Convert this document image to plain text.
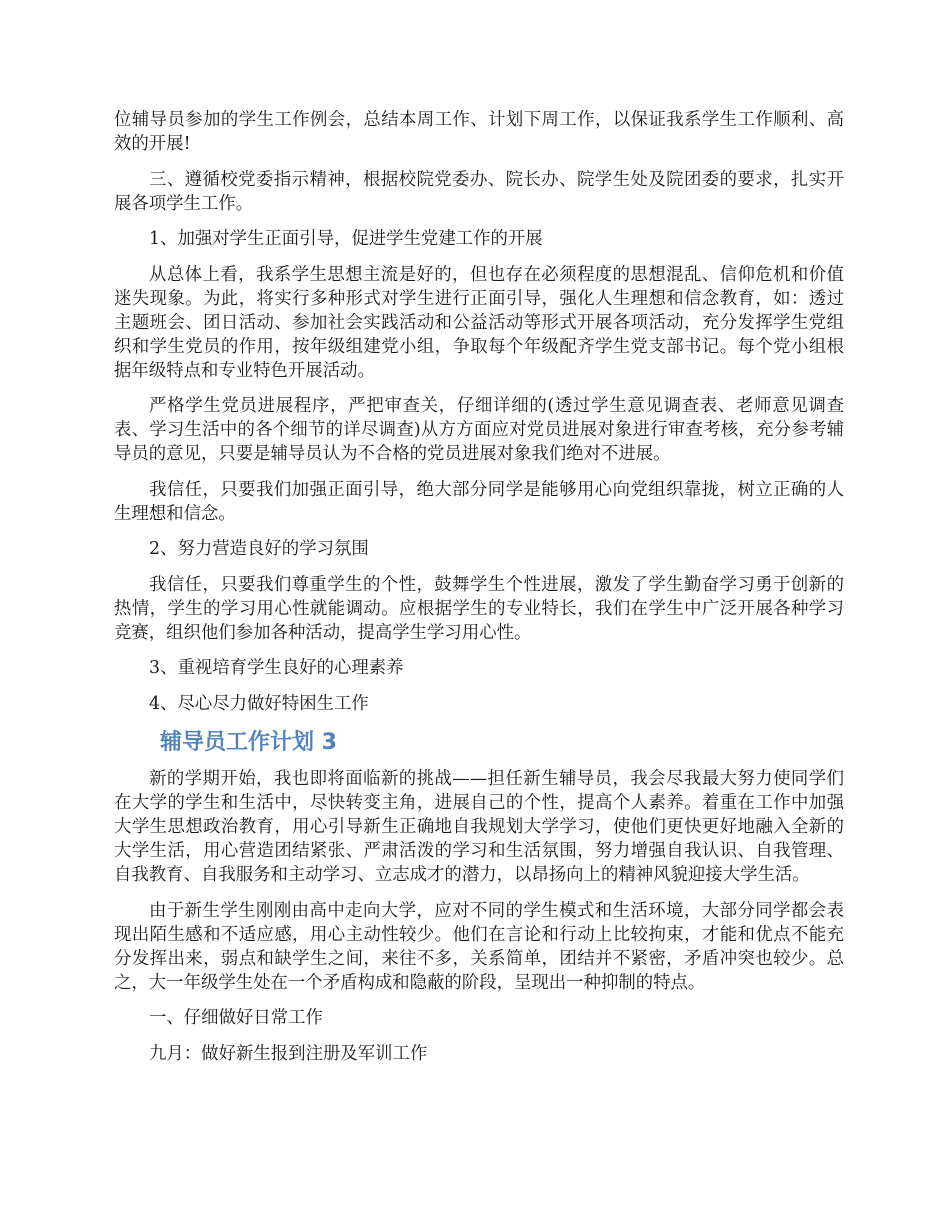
位辅导员参加的学生工作例会，总结本周工作、计划下周工作，以保证我系学生工作顺利、高效的开展!

三、遵循校党委指示精神，根据校院党委办、院长办、院学生处及院团委的要求，扎实开展各项学生工作。

1、加强对学生正面引导，促进学生党建工作的开展

从总体上看，我系学生思想主流是好的，但也存在必须程度的思想混乱、信仰危机和价值迷失现象。为此，将实行多种形式对学生进行正面引导，强化人生理想和信念教育，如：透过主题班会、团日活动、参加社会实践活动和公益活动等形式开展各项活动，充分发挥学生党组织和学生党员的作用，按年级组建党小组，争取每个年级配齐学生党支部书记。每个党小组根据年级特点和专业特色开展活动。

严格学生党员进展程序，严把审查关，仔细详细的(透过学生意见调查表、老师意见调查表、学习生活中的各个细节的详尽调查)从方方面应对党员进展对象进行审查考核，充分参考辅导员的意见，只要是辅导员认为不合格的党员进展对象我们绝对不进展。

我信任，只要我们加强正面引导，绝大部分同学是能够用心向党组织靠拢，树立正确的人生理想和信念。

2、努力营造良好的学习氛围

我信任，只要我们尊重学生的个性，鼓舞学生个性进展，激发了学生勤奋学习勇于创新的热情，学生的学习用心性就能调动。应根据学生的专业特长，我们在学生中广泛开展各种学习竞赛，组织他们参加各种活动，提高学生学习用心性。

3、重视培育学生良好的心理素养

4、尽心尽力做好特困生工作

辅导员工作计划 3

新的学期开始，我也即将面临新的挑战——担任新生辅导员，我会尽我最大努力使同学们在大学的学生和生活中，尽快转变主角，进展自己的个性，提高个人素养。着重在工作中加强大学生思想政治教育，用心引导新生正确地自我规划大学学习，使他们更快更好地融入全新的大学生活，用心营造团结紧张、严肃活泼的学习和生活氛围，努力增强自我认识、自我管理、自我教育、自我服务和主动学习、立志成才的潜力，以昂扬向上的精神风貌迎接大学生活。

由于新生学生刚刚由高中走向大学，应对不同的学生模式和生活环境，大部分同学都会表现出陌生感和不适应感，用心主动性较少。他们在言论和行动上比较拘束，才能和优点不能充分发挥出来，弱点和缺学生之间，来往不多，关系简单，团结并不紧密，矛盾冲突也较少。总之，大一年级学生处在一个矛盾构成和隐蔽的阶段，呈现出一种抑制的特点。

一、仔细做好日常工作

九月：做好新生报到注册及军训工作
